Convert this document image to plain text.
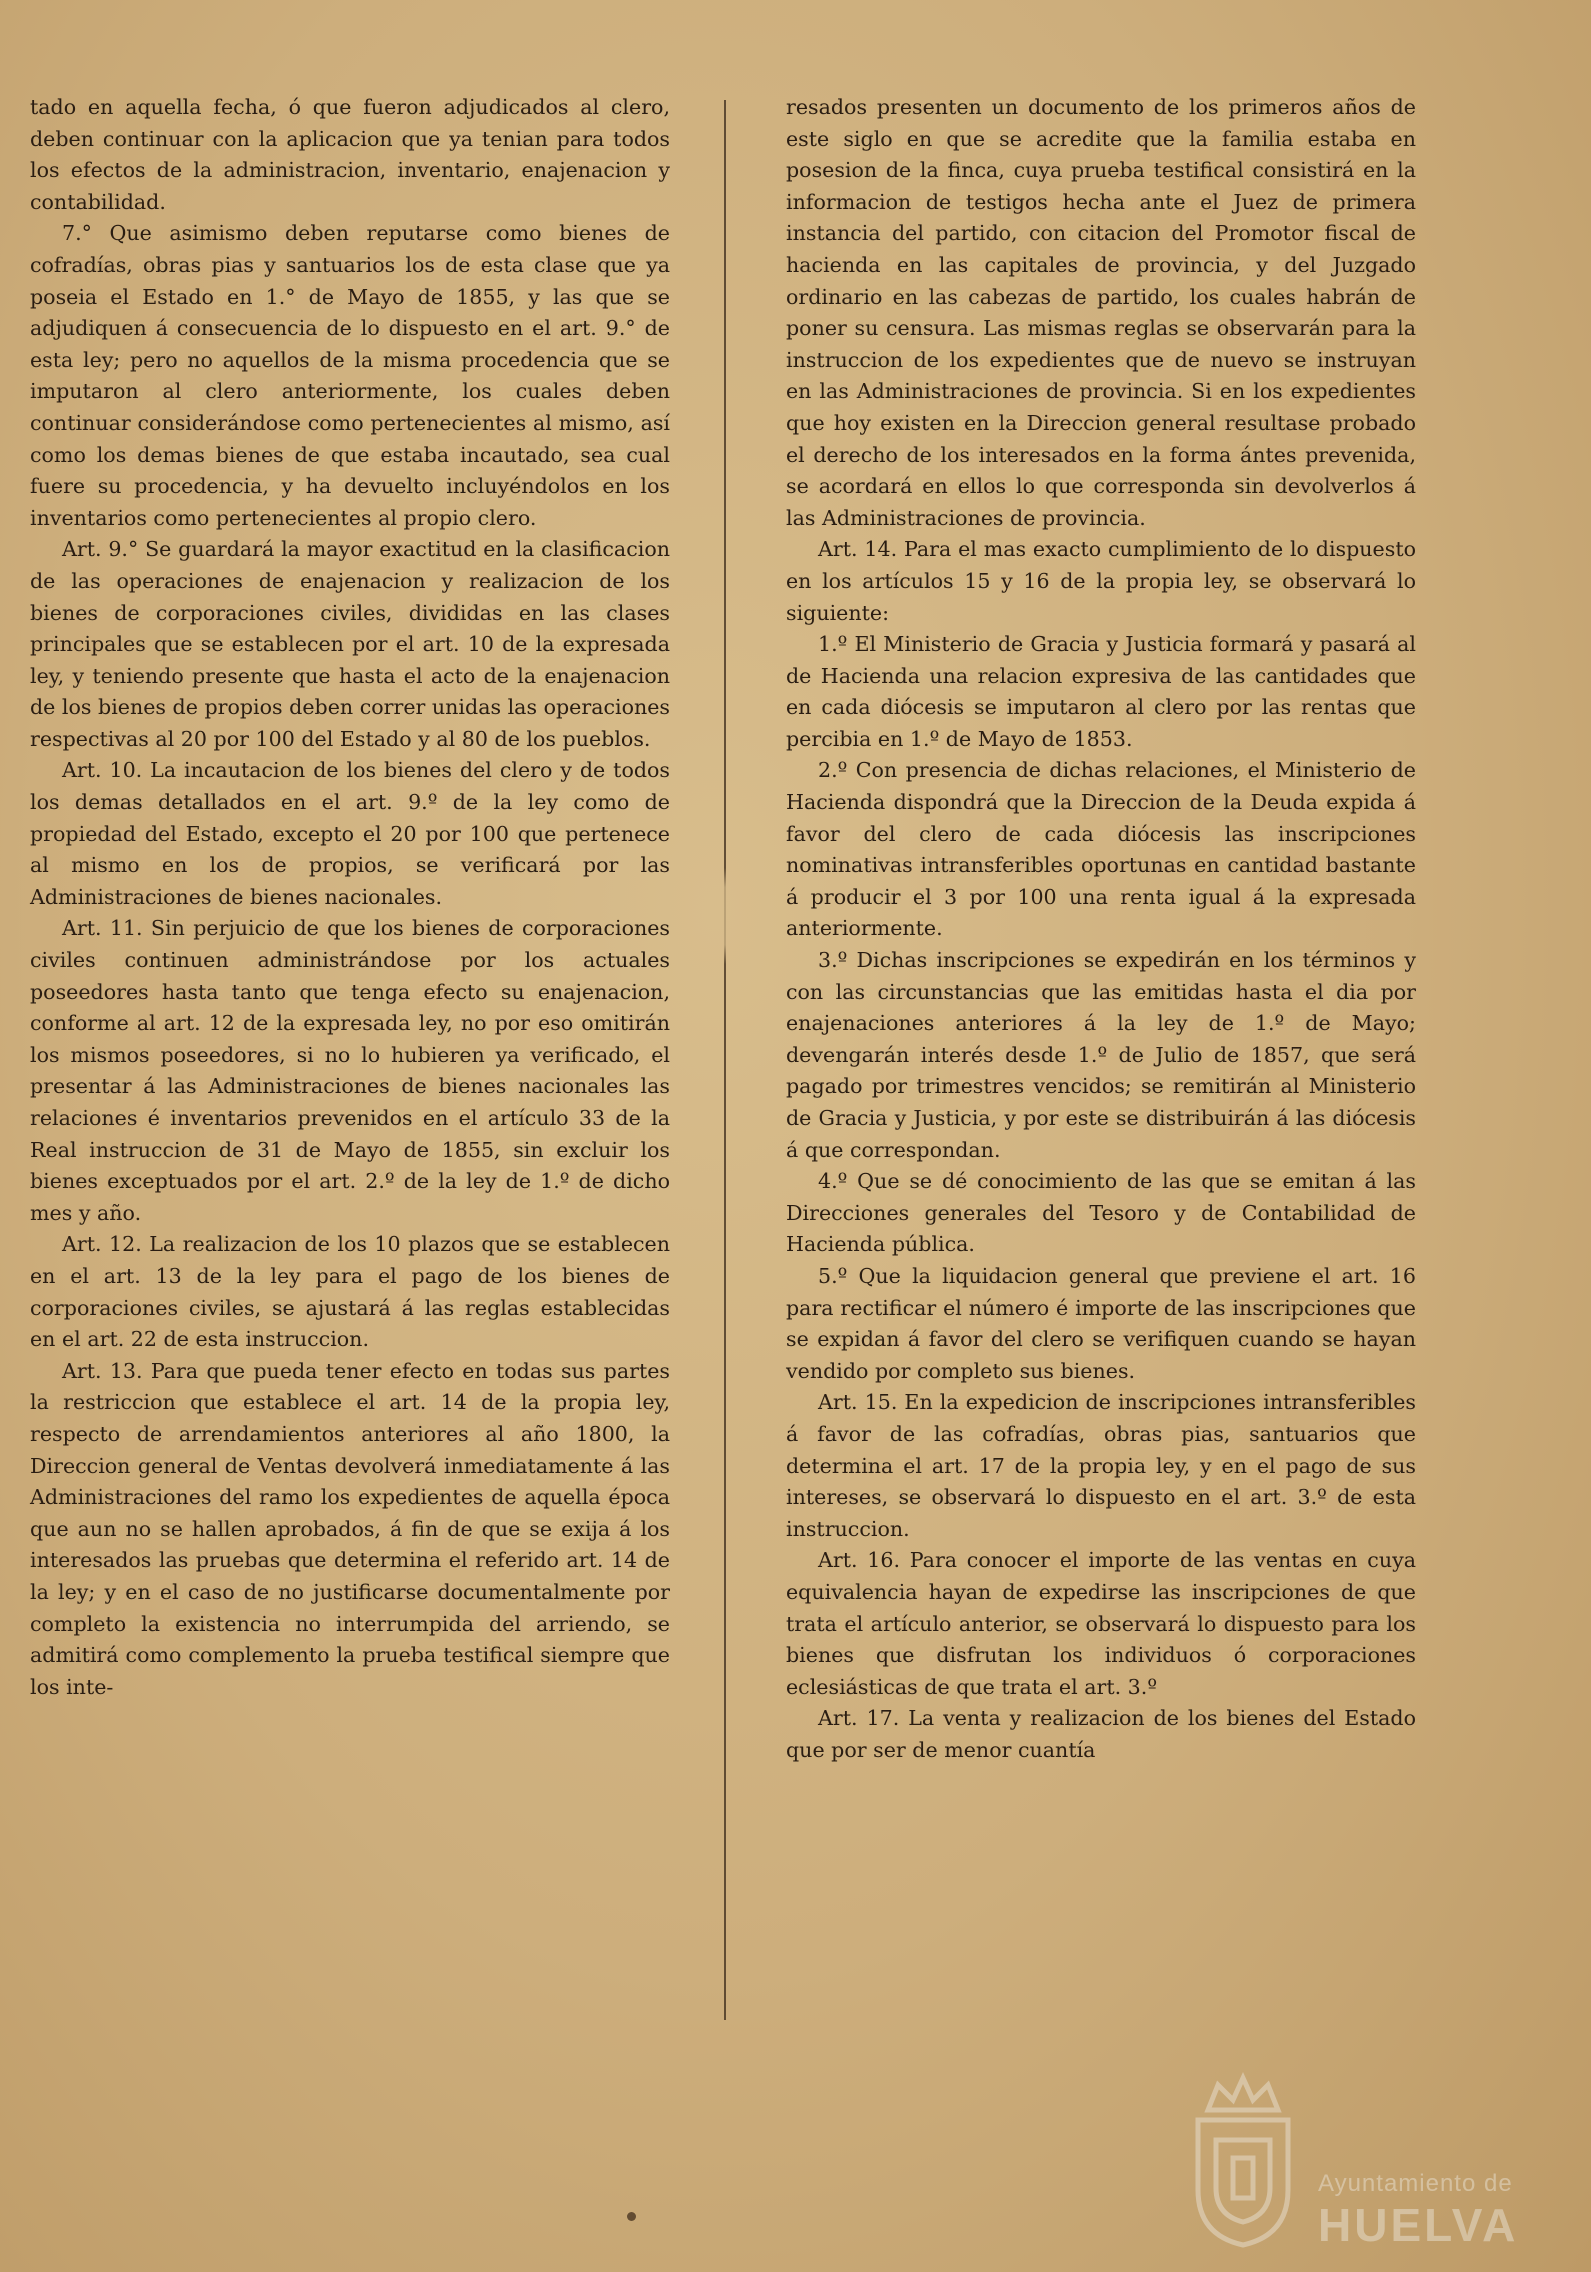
tado en aquella fecha, ó que fueron adjudicados al clero, deben continuar con la aplicacion que ya tenian para todos los efectos de la administracion, inventario, enajenacion y contabilidad.

7.° Que asimismo deben reputarse como bienes de cofradías, obras pias y santuarios los de esta clase que ya poseia el Estado en 1.° de Mayo de 1855, y las que se adjudiquen á consecuencia de lo dispuesto en el art. 9.° de esta ley; pero no aquellos de la misma procedencia que se imputaron al clero anteriormente, los cuales deben continuar considerándose como pertenecientes al mismo, así como los demas bienes de que estaba incautado, sea cual fuere su procedencia, y ha devuelto incluyéndolos en los inventarios como pertenecientes al propio clero.

Art. 9.° Se guardará la mayor exactitud en la clasificacion de las operaciones de enajenacion y realizacion de los bienes de corporaciones civiles, divididas en las clases principales que se establecen por el art. 10 de la expresada ley, y teniendo presente que hasta el acto de la enajenacion de los bienes de propios deben correr unidas las operaciones respectivas al 20 por 100 del Estado y al 80 de los pueblos.

Art. 10. La incautacion de los bienes del clero y de todos los demas detallados en el art. 9.º de la ley como de propiedad del Estado, excepto el 20 por 100 que pertenece al mismo en los de propios, se verificará por las Administraciones de bienes nacionales.

Art. 11. Sin perjuicio de que los bienes de corporaciones civiles continuen administrándose por los actuales poseedores hasta tanto que tenga efecto su enajenacion, conforme al art. 12 de la expresada ley, no por eso omitirán los mismos poseedores, si no lo hubieren ya verificado, el presentar á las Administraciones de bienes nacionales las relaciones é inventarios prevenidos en el artículo 33 de la Real instruccion de 31 de Mayo de 1855, sin excluir los bienes exceptuados por el art. 2.º de la ley de 1.º de dicho mes y año.

Art. 12. La realizacion de los 10 plazos que se establecen en el art. 13 de la ley para el pago de los bienes de corporaciones civiles, se ajustará á las reglas establecidas en el art. 22 de esta instruccion.

Art. 13. Para que pueda tener efecto en todas sus partes la restriccion que establece el art. 14 de la propia ley, respecto de arrendamientos anteriores al año 1800, la Direccion general de Ventas devolverá inmediatamente á las Administraciones del ramo los expedientes de aquella época que aun no se hallen aprobados, á fin de que se exija á los interesados las pruebas que determina el referido art. 14 de la ley; y en el caso de no justificarse documentalmente por completo la existencia no interrumpida del arriendo, se admitirá como complemento la prueba testifical siempre que los inte-

resados presenten un documento de los primeros años de este siglo en que se acredite que la familia estaba en posesion de la finca, cuya prueba testifical consistirá en la informacion de testigos hecha ante el Juez de primera instancia del partido, con citacion del Promotor fiscal de hacienda en las capitales de provincia, y del Juzgado ordinario en las cabezas de partido, los cuales habrán de poner su censura. Las mismas reglas se observarán para la instruccion de los expedientes que de nuevo se instruyan en las Administraciones de provincia. Si en los expedientes que hoy existen en la Direccion general resultase probado el derecho de los interesados en la forma ántes prevenida, se acordará en ellos lo que corresponda sin devolverlos á las Administraciones de provincia.

Art. 14. Para el mas exacto cumplimiento de lo dispuesto en los artículos 15 y 16 de la propia ley, se observará lo siguiente:

1.º El Ministerio de Gracia y Justicia formará y pasará al de Hacienda una relacion expresiva de las cantidades que en cada diócesis se imputaron al clero por las rentas que percibia en 1.º de Mayo de 1853.

2.º Con presencia de dichas relaciones, el Ministerio de Hacienda dispondrá que la Direccion de la Deuda expida á favor del clero de cada diócesis las inscripciones nominativas intransferibles oportunas en cantidad bastante á producir el 3 por 100 una renta igual á la expresada anteriormente.

3.º Dichas inscripciones se expedirán en los términos y con las circunstancias que las emitidas hasta el dia por enajenaciones anteriores á la ley de 1.º de Mayo; devengarán interés desde 1.º de Julio de 1857, que será pagado por trimestres vencidos; se remitirán al Ministerio de Gracia y Justicia, y por este se distribuirán á las diócesis á que correspondan.

4.º Que se dé conocimiento de las que se emitan á las Direcciones generales del Tesoro y de Contabilidad de Hacienda pública.

5.º Que la liquidacion general que previene el art. 16 para rectificar el número é importe de las inscripciones que se expidan á favor del clero se verifiquen cuando se hayan vendido por completo sus bienes.

Art. 15. En la expedicion de inscripciones intransferibles á favor de las cofradías, obras pias, santuarios que determina el art. 17 de la propia ley, y en el pago de sus intereses, se observará lo dispuesto en el art. 3.º de esta instruccion.

Art. 16. Para conocer el importe de las ventas en cuya equivalencia hayan de expedirse las inscripciones de que trata el artículo anterior, se observará lo dispuesto para los bienes que disfrutan los individuos ó corporaciones eclesiásticas de que trata el art. 3.º

Art. 17. La venta y realizacion de los bienes del Estado que por ser de menor cuantía

Ayuntamiento de
HUELVA
